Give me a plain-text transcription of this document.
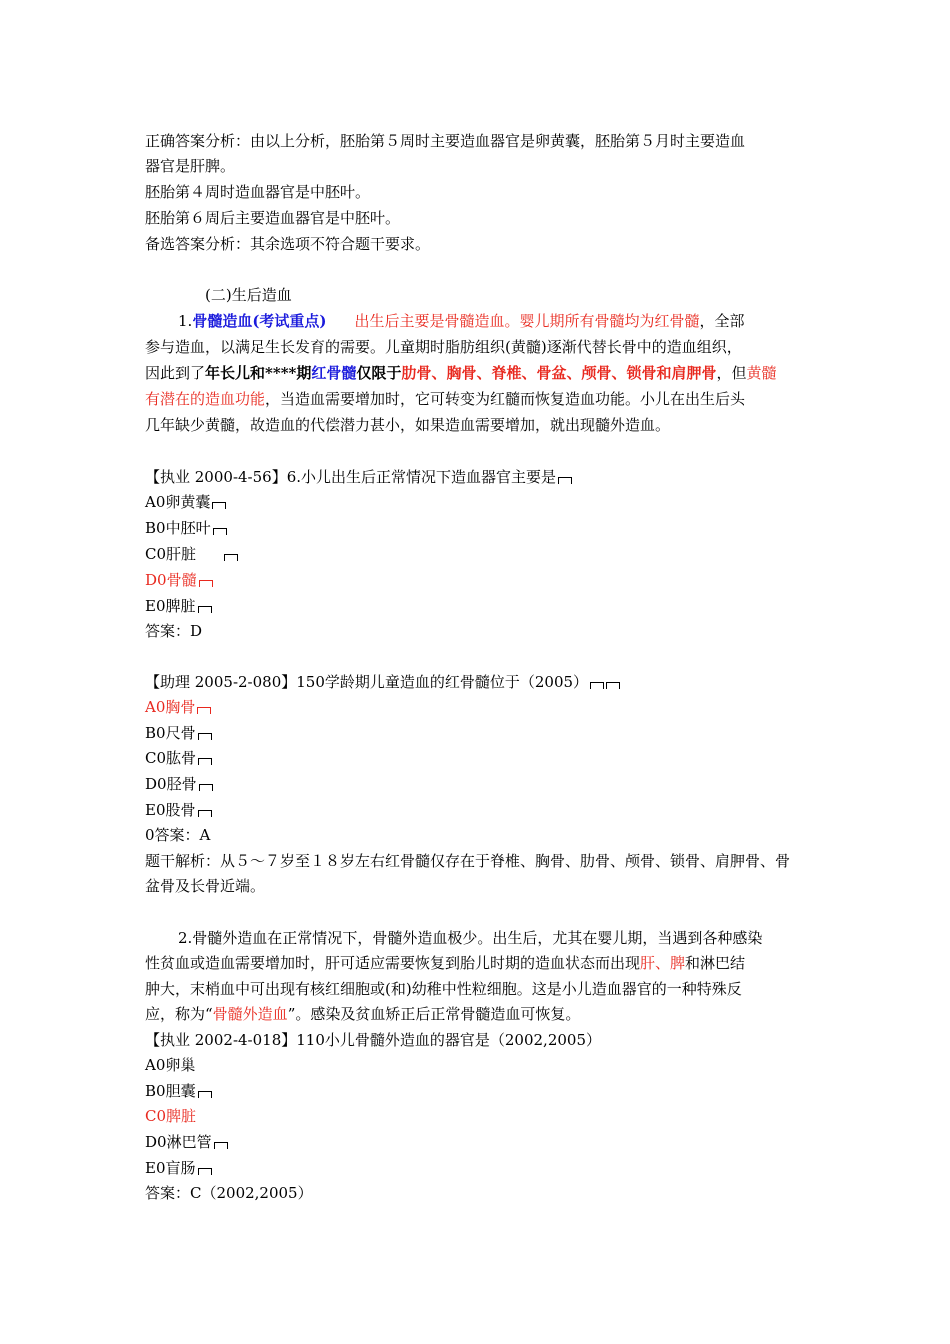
正确答案分析：由以上分析，胚胎第５周时主要造血器官是卵黄囊，胚胎第５月时主要造血
器官是肝脾。
胚胎第４周时造血器官是中胚叶。
胚胎第６周后主要造血器官是中胚叶。
备选答案分析：其余选项不符合题干要求。
(二)生后造血
1.骨髓造血(考试重点) 出生后主要是骨髓造血。婴儿期所有骨髓均为红骨髓，全部
参与造血，以满足生长发育的需要。儿童期时脂肪组织(黄髓)逐渐代替长骨中的造血组织，
因此到了年长儿和****期红骨髓仅限于肋骨、胸骨、脊椎、骨盆、颅骨、锁骨和肩胛骨，但黄髓
有潜在的造血功能，当造血需要增加时，它可转变为红髓而恢复造血功能。小儿在出生后头
几年缺少黄髓，故造血的代偿潜力甚小，如果造血需要增加，就出现髓外造血。
【执业 2000-4-56】6.小儿出生后正常情况下造血器官主要是
A0卵黄囊
B0中胚叶
C0肝脏
D0骨髓
E0脾脏
答案：D
【助理 2005-2-080】150学龄期儿童造血的红骨髓位于（2005）
A0胸骨
B0尺骨
C0肱骨
D0胫骨
E0股骨
0答案：A
题干解析：从５～７岁至１８岁左右红骨髓仅存在于脊椎、胸骨、肋骨、颅骨、锁骨、肩胛骨、骨
盆骨及长骨近端。
2.骨髓外造血在正常情况下，骨髓外造血极少。出生后，尤其在婴儿期，当遇到各种感染
性贫血或造血需要增加时，肝可适应需要恢复到胎儿时期的造血状态而出现肝、脾和淋巴结
肿大，末梢血中可出现有核红细胞或(和)幼稚中性粒细胞。这是小儿造血器官的一种特殊反
应，称为“骨髓外造血”。感染及贫血矫正后正常骨髓造血可恢复。
【执业 2002-4-018】110小儿骨髓外造血的器官是（2002,2005）
A0卵巢
B0胆囊
C0脾脏
D0淋巴管
E0盲肠
答案：C（2002,2005）
